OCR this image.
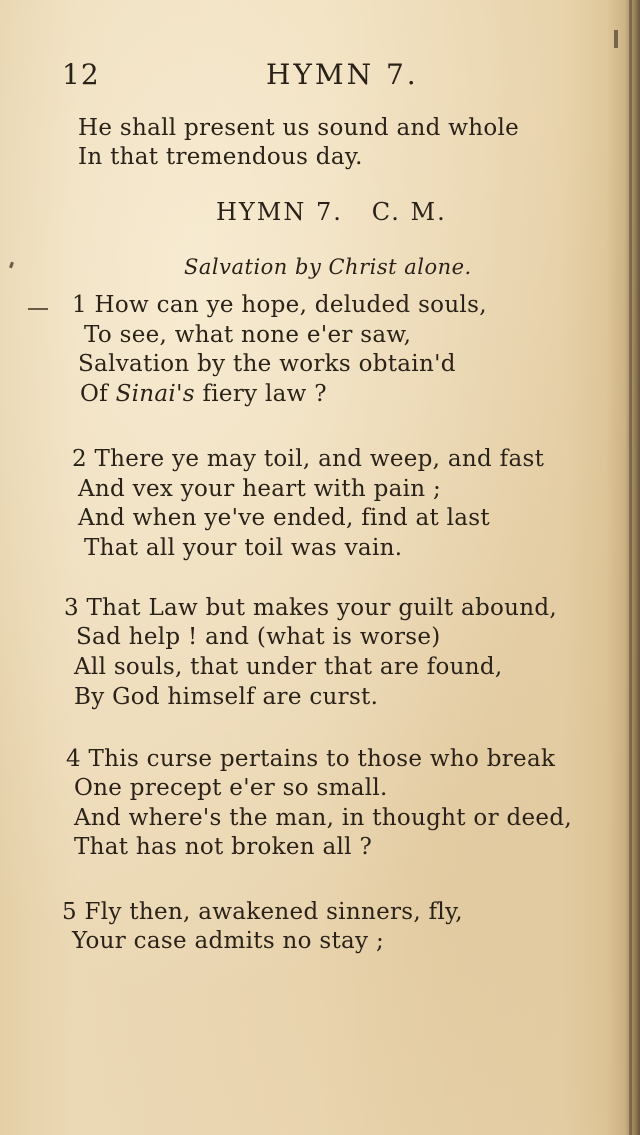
12	HYMN 7.
He shall present us sound and whole
In that tremendous day.
HYMN 7.   C. M.
Salvation by Christ alone.
1 How can ye hope, deluded souls,
To see, what none e'er saw,
Salvation by the works obtain'd
Of Sinai's fiery law ?
2 There ye may toil, and weep, and fast
And vex your heart with pain ;
And when ye've ended, find at last
That all your toil was vain.
3 That Law but makes your guilt abound,
Sad help ! and (what is worse)
All souls, that under that are found,
By God himself are curst.
4 This curse pertains to those who break
One precept e'er so small.
And where's the man, in thought or deed,
That has not broken all ?
5 Fly then, awakened sinners, fly,
Your case admits no stay ;
